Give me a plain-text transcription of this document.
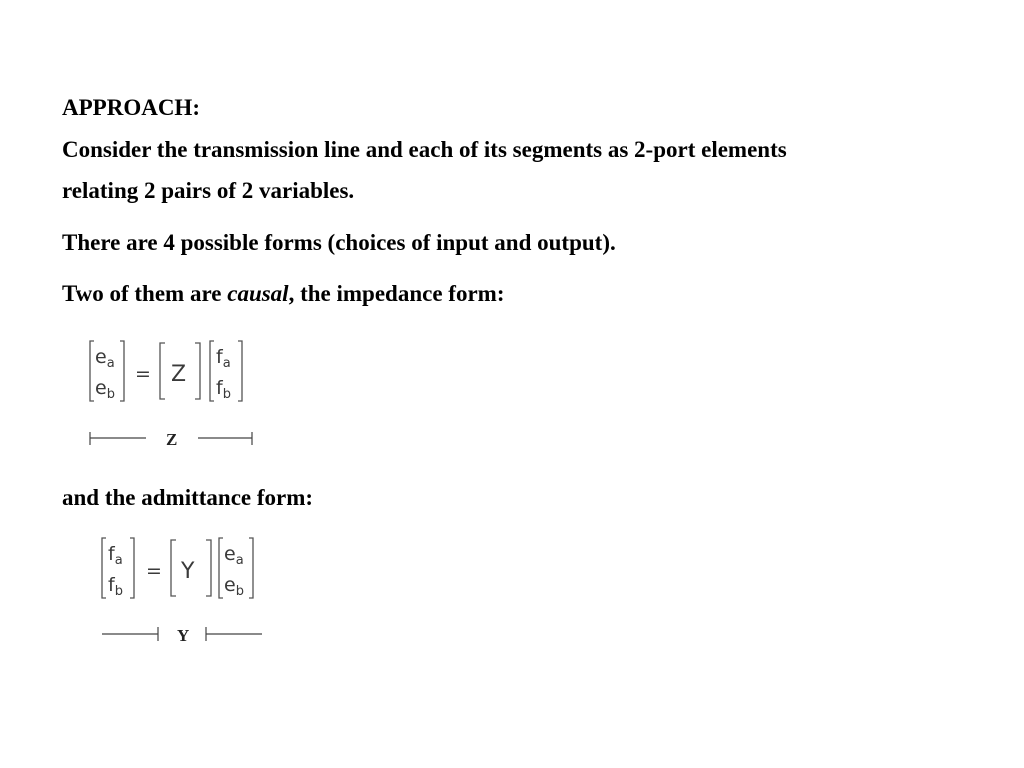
APPROACH:
Consider the transmission line and each of its segments as 2-port elements
relating 2 pairs of 2 variables.
There are 4 possible forms (choices of input and output).
Two of them are causal, the impedance form:
$e_a$
$e_b$
= Z
$f_a$
$f_b$
Z
and the admittance form:
$f_a$
$f_b$
= Y
$e_a$
$e_b$
Y
